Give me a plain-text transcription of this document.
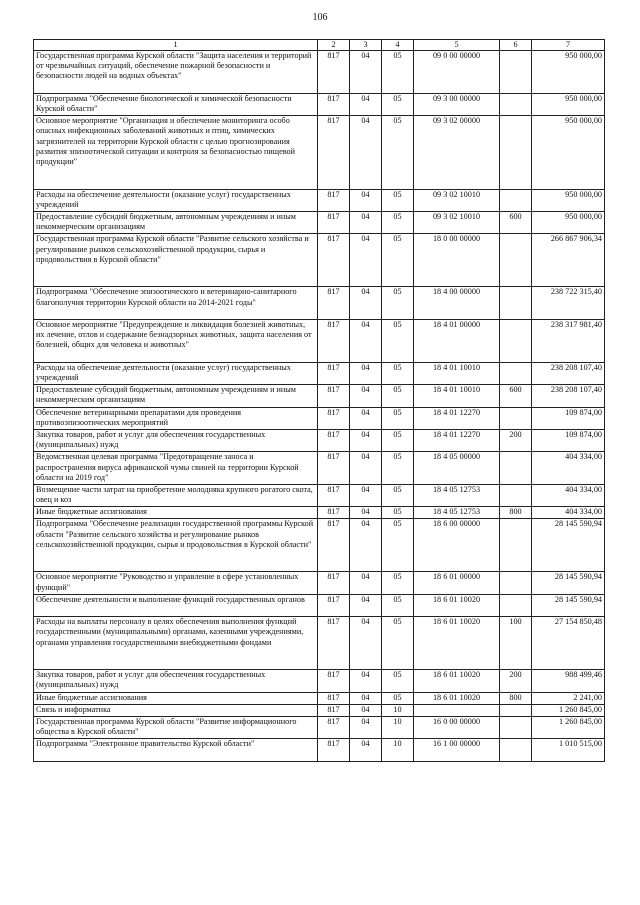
106
1	2	3	4	5	6	7
Государственная программа Курской области "Защита населения и территорий от чрезвычайных ситуаций, обеспечение пожарной безопасности и безопасности людей на водных объектах"	817	04	05	09 0 00 00000		950 000,00
Подпрограмма "Обеспечение биологической и химической безопасности Курской области"	817	04	05	09 3 00 00000		950 000,00
Основное мероприятие "Организация и обеспечение мониторинга особо опасных инфекционных заболеваний животных и птиц, химических загрязнителей на территории Курской области с целью прогнозирования развития эпизоотической ситуации и контроля за безопасностью пищевой продукции"	817	04	05	09 3 02 00000		950 000,00
Расходы на обеспечение деятельности (оказание услуг) государственных учреждений	817	04	05	09 3 02 10010		950 000,00
Предоставление субсидий бюджетным, автономным учреждениям и иным некоммерческим организациям	817	04	05	09 3 02 10010	600	950 000,00
Государственная программа Курской области "Развитие сельского хозяйства и регулирование рынков сельскохозяйственной продукции, сырья и продовольствия в Курской области"	817	04	05	18 0 00 00000		266 867 906,34
Подпрограмма "Обеспечение эпизоотического и ветеринарно-санитарного благополучия территории Курской области на 2014-2021 годы"	817	04	05	18 4 00 00000		238 722 315,40
Основное мероприятие "Предупреждение и ликвидация болезней животных, их лечение, отлов и содержание безнадзорных животных, защита населения от болезней, общих для человека и животных"	817	04	05	18 4 01 00000		238 317 981,40
Расходы на обеспечение деятельности (оказание услуг) государственных учреждений	817	04	05	18 4 01 10010		238 208 107,40
Предоставление субсидий бюджетным, автономным учреждениям и иным некоммерческим организациям	817	04	05	18 4 01 10010	600	238 208 107,40
Обеспечение ветеринарными препаратами для проведения противоэпизоотических мероприятий	817	04	05	18 4 01 12270		109 874,00
Закупка товаров, работ и услуг для обеспечения государственных (муниципальных) нужд	817	04	05	18 4 01 12270	200	109 874,00
Ведомственная целевая программа "Предотвращение заноса и распространения вируса африканской чумы свиней на территории Курской области на 2019 год"	817	04	05	18 4 05 00000		404 334,00
Возмещение части затрат на приобретение молодняка крупного рогатого скота, овец и коз	817	04	05	18 4 05 12753		404 334,00
Иные бюджетные ассигнования	817	04	05	18 4 05 12753	800	404 334,00
Подпрограмма "Обеспечение реализации государственной программы Курской области "Развитие сельского хозяйства и регулирование рынков сельскохозяйственной продукции, сырья и продовольствия в Курской области"	817	04	05	18 6 00 00000		28 145 590,94
Основное мероприятие "Руководство и управление в сфере установленных функций"	817	04	05	18 6 01 00000		28 145 590,94
Обеспечение деятельности и выполнение функций государственных органов	817	04	05	18 6 01 10020		28 145 590,94
Расходы на выплаты персоналу в целях обеспечения выполнения функций государственными (муниципальными) органами, казенными учреждениями, органами управления государственными внебюджетными фондами	817	04	05	18 6 01 10020	100	27 154 850,48
Закупка товаров, работ и услуг для обеспечения государственных (муниципальных) нужд	817	04	05	18 6 01 10020	200	988 499,46
Иные бюджетные ассигнования	817	04	05	18 6 01 10020	800	2 241,00
Связь и информатика	817	04	10			1 260 845,00
Государственная программа Курской области "Развитие информационного общества в Курской области"	817	04	10	16 0 00 00000		1 260 845,00
Подпрограмма "Электронное правительство Курской области"	817	04	10	16 1 00 00000		1 010 515,00
